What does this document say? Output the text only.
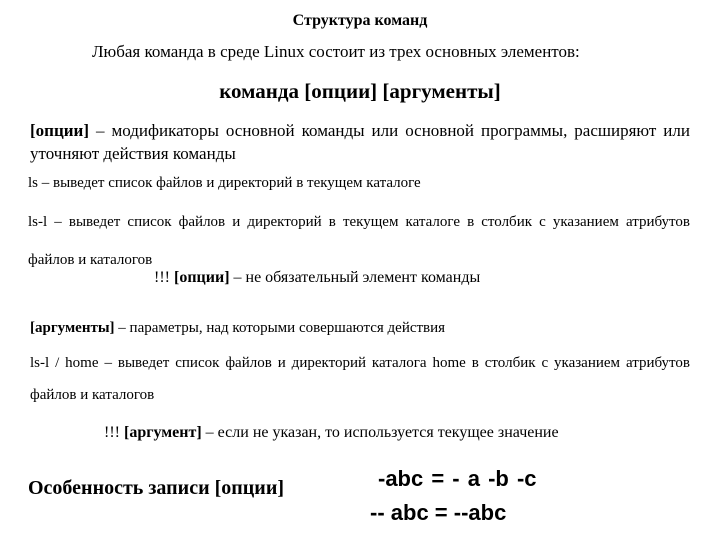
Структура команд
Любая команда в среде Linux состоит из трех основных элементов:
команда [опции] [аргументы]
[опции] – модификаторы основной команды или основной программы, расширяют или уточняют действия команды
ls – выведет список файлов и директорий в текущем каталоге
ls-l – выведет список файлов и директорий в текущем каталоге в столбик с указанием атрибутов файлов и каталогов
!!! [опции] – не обязательный элемент команды
[аргументы] – параметры, над которыми совершаются действия
ls-l / home – выведет список файлов и директорий каталога home в столбик с указанием атрибутов файлов и каталогов
!!! [аргумент] – если не указан, то используется текущее значение
Особенность записи [опции]	-abc = - a -b -c
-- abc = --abc
